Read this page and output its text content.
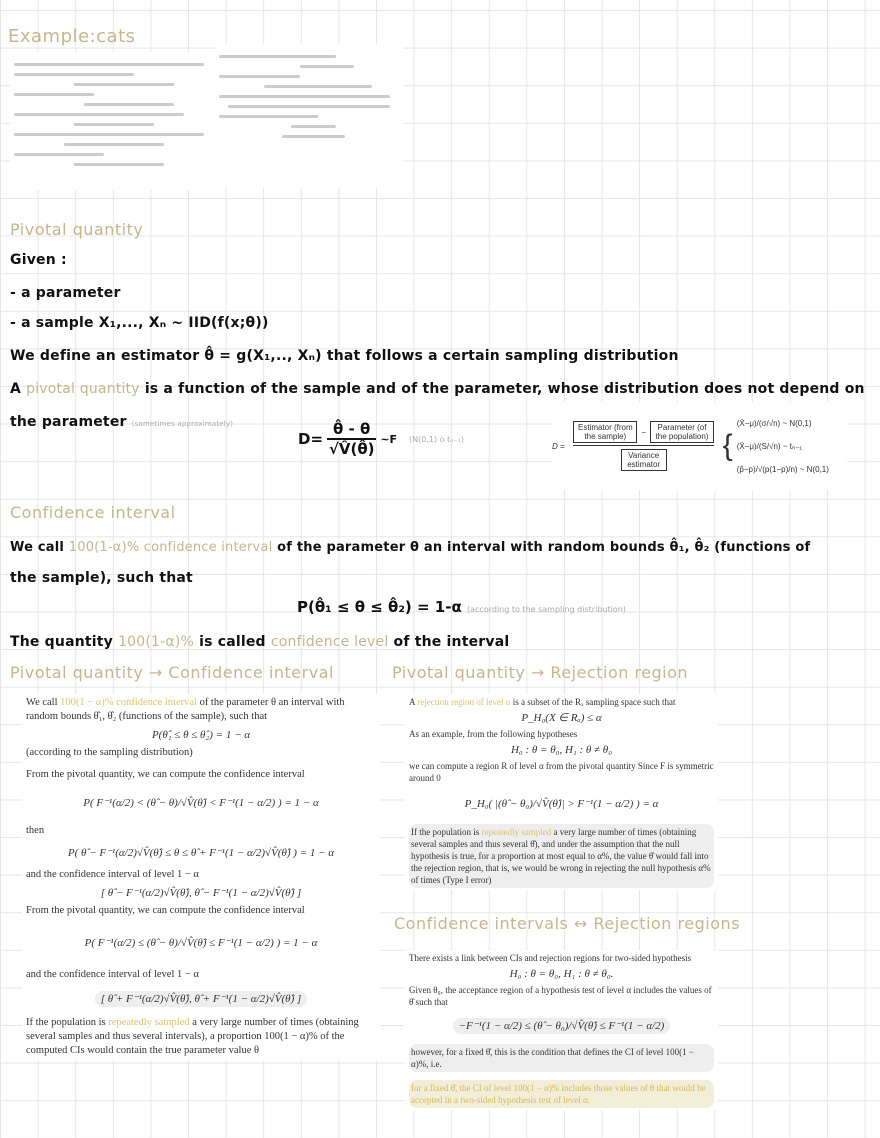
Example:cats
Pivotal quantity
Given :
- a parameter
- a sample X₁,..., Xₙ ~ IID(f(x;θ))
We define an estimator θ̂ = g(X₁,.., Xₙ) that follows a certain sampling distribution
A pivotal quantity is a function of the sample and of the parameter, whose distribution does not depend on
the parameter (sometimes approximately)
$D= \frac{\thetâ - \theta}{√V̂(\thetâ)}$ ~F (N(0,1) o tₙ₋₁)
D =
Estimator (from the sample)	−	Parameter (of the population)
Variance estimator
{
(X̄−μ)/(σ/√n) ~ N(0,1)
(X̄−μ)/(S/√n) ~ tₙ₋₁
(p̂−p)/√(p(1−p)/n) ~ N(0,1)
Confidence interval
We call 100(1-α)% confidence interval of the parameter θ an interval with random bounds θ̂₁, θ̂₂ (functions of
the sample), such that
P(θ̂₁ ≤ θ ≤ θ̂₂) = 1-α (according to the sampling distribution)
The quantity 100(1-α)% is called confidence level of the interval
Pivotal quantity → Confidence interval
We call 100(1 − α)% confidence interval of the parameter θ an interval with random bounds θ̂₁, θ̂₂ (functions of the sample), such that
P(θ̂₁ ≤ θ ≤ θ̂₂) = 1 − α
(according to the sampling distribution)
From the pivotal quantity, we can compute the confidence interval
P( F⁻¹(α/2) < (θ̂ − θ)/√V̂(θ̂) < F⁻¹(1 − α/2) ) = 1 − α
then
P( θ̂ − F⁻¹(α/2)√V̂(θ̂) ≤ θ ≤ θ̂ + F⁻¹(1 − α/2)√V̂(θ̂) ) = 1 − α
and the confidence interval of level 1 − α
[ θ̂ − F⁻¹(α/2)√V̂(θ̂), θ̂ − F⁻¹(1 − α/2)√V̂(θ̂) ]
From the pivotal quantity, we can compute the confidence interval
P( F⁻¹(α/2) ≤ (θ̂ − θ)/√V̂(θ̂) ≤ F⁻¹(1 − α/2) ) = 1 − α
and the confidence interval of level 1 − α
[ θ̂ + F⁻¹(α/2)√V̂(θ̂), θ̂ + F⁻¹(1 − α/2)√V̂(θ̂) ]
If the population is repeatedly sampled a very large number of times (obtaining several samples and thus several intervals), a proportion 100(1 − α)% of the computed CIs would contain the true parameter value θ
Pivotal quantity → Rejection region
A rejection region of level α is a subset of the Rₓ sampling space such that
P_H₀(X ∈ Rₐ) ≤ α
As an example, from the following hypotheses
H₀ : θ = θ₀, H₁ : θ ≠ θ₀
we can compute a region R of level α from the pivotal quantity Since F is symmetric around 0
P_H₀( |(θ̂ − θ₀)/√V̂(θ̂)| > F⁻¹(1 − α/2) ) = α
If the population is repeatedly sampled a very large number of times (obtaining several samples and thus several θ̂), and under the assumption that the null hypothesis is true, for a proportion at most equal to α%, the value θ̂ would fall into the rejection region, that is, we would be wrong in rejecting the null hypothesis α% of times (Type I error)
Confidence intervals ↔ Rejection regions
There exists a link between CIs and rejection regions for two-sided hypothesis
H₀ : θ = θ₀, H₁ : θ ≠ θ₀.
Given θ₀, the acceptance region of a hypothesis test of level α includes the values of θ̂ such that
−F⁻¹(1 − α/2) ≤ (θ̂ − θ₀)/√V̂(θ̂) ≤ F⁻¹(1 − α/2)
however, for a fixed θ̂, this is the condition that defines the CI of level 100(1 − α)%, i.e.
for a fixed θ̂, the CI of level 100(1 − α)% includes those values of θ that would be accepted in a two-sided hypothesis test of level α.
